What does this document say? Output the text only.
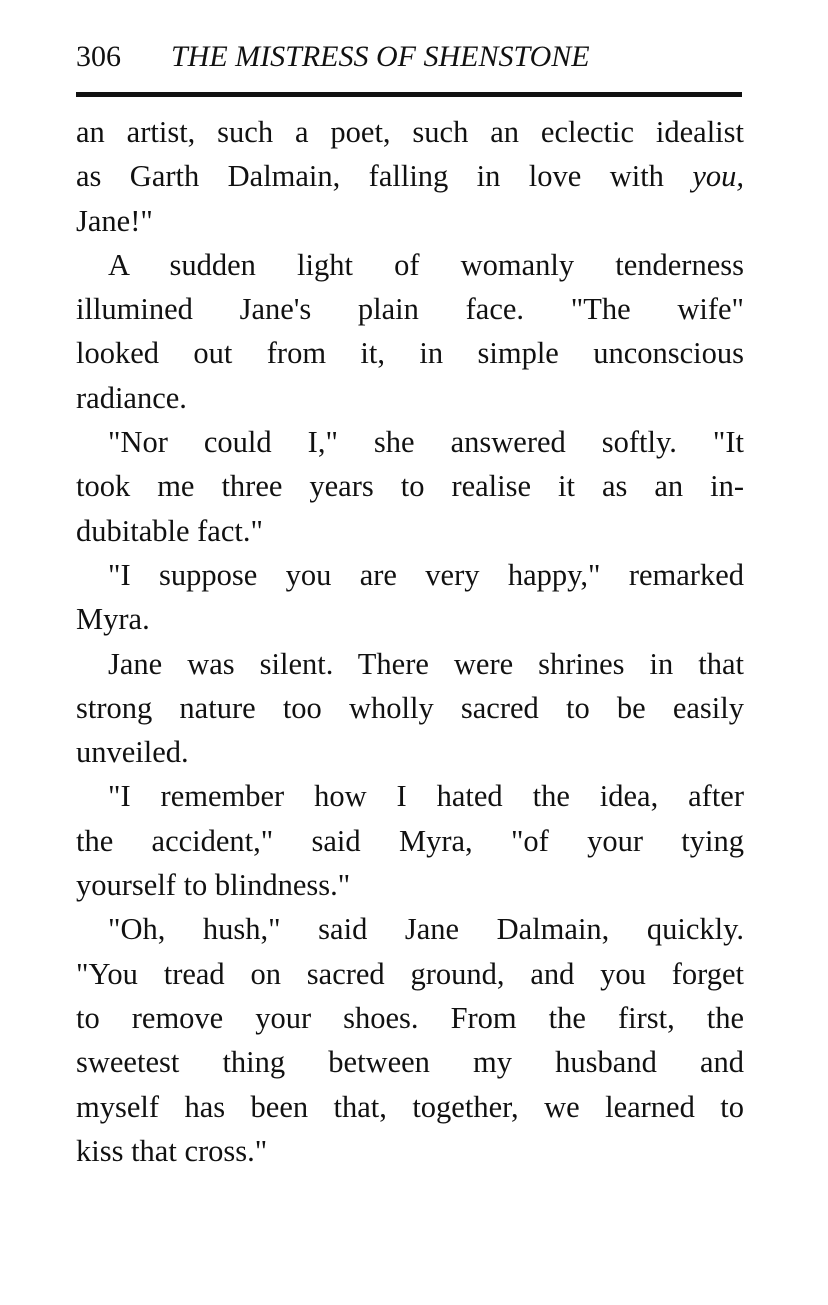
306 THE MISTRESS OF SHENSTONE
an artist, such a poet, such an eclectic idealist
as Garth Dalmain, falling in love with you,
Jane!"
A sudden light of womanly tenderness
illumined Jane's plain face. "The wife"
looked out from it, in simple unconscious
radiance.
"Nor could I," she answered softly. "It
took me three years to realise it as an in-
dubitable fact."
"I suppose you are very happy," remarked
Myra.
Jane was silent. There were shrines in that
strong nature too wholly sacred to be easily
unveiled.
"I remember how I hated the idea, after
the accident," said Myra, "of your tying
yourself to blindness."
"Oh, hush," said Jane Dalmain, quickly.
"You tread on sacred ground, and you forget
to remove your shoes. From the first, the
sweetest thing between my husband and
myself has been that, together, we learned to
kiss that cross."
